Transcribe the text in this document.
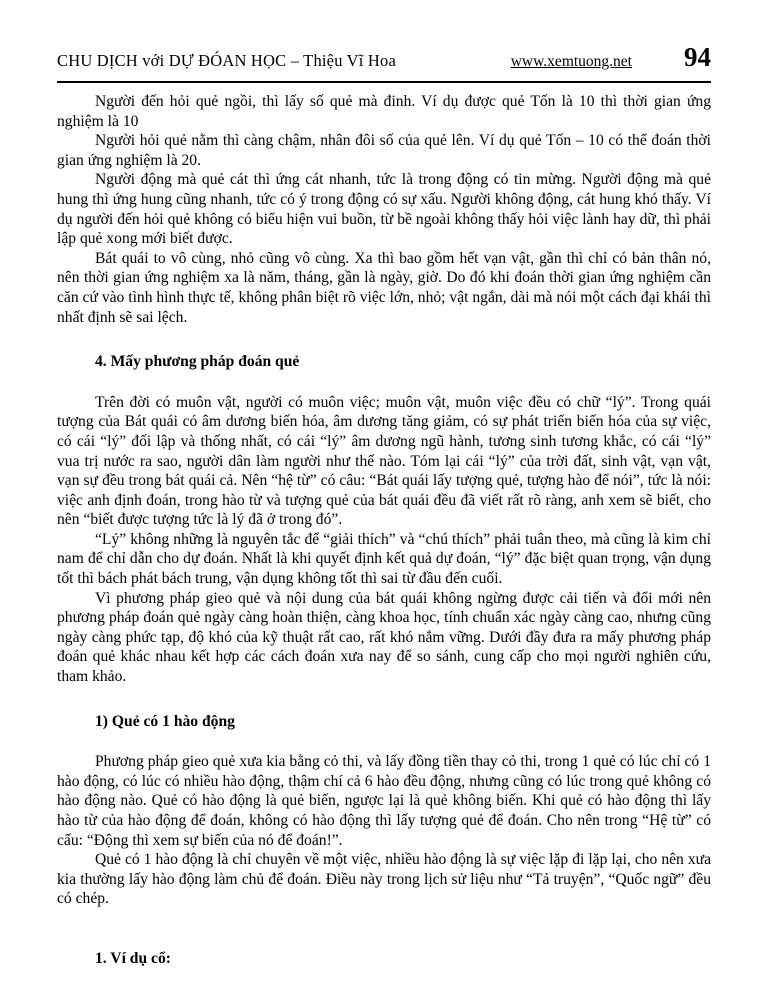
CHU DỊCH với DỰ ĐÓAN HỌC – Thiệu Vĩ Hoa	www.xemtuong.net 94

Người đến hỏi quẻ ngồi, thì lấy số quẻ mà đinh. Ví dụ được quẻ Tốn là 10 thì thời gian ứng nghiệm là 10

Người hỏi quẻ nằm thì càng chậm, nhân đôi số của quẻ lên. Ví dụ quẻ Tốn – 10 có thể đoán thời gian ứng nghiệm là 20.

Người động mà quẻ cát thì ứng cát nhanh, tức là trong động có tin mừng. Người động mà quẻ hung thì ứng hung cũng nhanh, tức có ý trong động có sự xấu. Người không động, cát hung khó thấy. Ví dụ người đến hỏi quẻ không có biểu hiện vui buồn, từ bề ngoài không thấy hỏi việc lành hay dữ, thì phải lập quẻ xong mới biết được.

Bát quái to vô cùng, nhỏ cũng vô cùng. Xa thì bao gồm hết vạn vật, gần thì chỉ có bản thân nó, nên thời gian ứng nghiệm xa là năm, tháng, gần là ngày, giờ. Do đó khi đoán thời gian ứng nghiệm cần căn cứ vào tình hình thực tế, không phân biệt rõ việc lớn, nhỏ; vật ngắn, dài mà nói một cách đại khái thì nhất định sẽ sai lệch.

4. Mấy phương pháp đoán quẻ

Trên đời có muôn vật, người có muôn việc; muôn vật, muôn việc đều có chữ “lý”. Trong quái tượng của Bát quái có âm dương biến hóa, âm dương tăng giảm, có sự phát triển biến hóa của sự việc, có cái “lý” đối lập và thống nhất, có cái “lý” âm dương ngũ hành, tương sinh tương khắc, có cái “lý” vua trị nước ra sao, người dân làm người như thế nào. Tóm lại cái “lý” của trời đất, sinh vật, vạn vật, vạn sự đều trong bát quái cả. Nên “hệ từ” có câu: “Bát quái lấy tượng quẻ, tượng hào để nói”, tức là nói: việc anh định đoán, trong hào từ và tượng quẻ của bát quái đều đã viết rất rõ ràng, anh xem sẽ biết, cho nên “biết được tượng tức là lý đã ở trong đó”.

“Lý” không những là nguyên tắc để “giải thích” và “chú thích” phải tuân theo, mà cũng là kim chỉ nam để chỉ dẫn cho dự đoán. Nhất là khi quyết định kết quả dự đoán, “lý” đặc biệt quan trọng, vận dụng tốt thì bách phát bách trung, vận dụng không tốt thì sai từ đầu đến cuối.

Vì phương pháp gieo quẻ và nội dung của bát quái không ngừng được cải tiến và đổi mới nên phương pháp đoán quẻ ngày càng hoàn thiện, càng khoa học, tính chuẩn xác ngày càng cao, nhưng cũng ngày càng phức tạp, độ khó của kỹ thuật rất cao, rất khó nắm vững. Dưới đầy đưa ra mấy phương pháp đoán quẻ khác nhau kết hợp các cách đoán xưa nay để so sánh, cung cấp cho mọi người nghiên cứu, tham khảo.

1) Quẻ có 1 hào động

Phương pháp gieo quẻ xưa kia bằng cỏ thi, và lấy đồng tiền thay cỏ thi, trong 1 quẻ có lúc chỉ có 1 hào động, có lúc có nhiều hào động, thậm chí cả 6 hào đều động, nhưng cũng có lúc trong quẻ không có hào động nào. Quẻ có hào động là quẻ biến, ngược lại là quẻ không biến. Khi quẻ có hào động thì lấy hào từ của hào động để đoán, không có hào động thì lấy tượng quẻ để đoán. Cho nên trong “Hệ từ” có cấu: “Động thì xem sự biến của nó để đoán!”.

Quẻ có 1 hào động là chỉ chuyên về một việc, nhiều hào động là sự việc lặp đi lặp lại, cho nên xưa kia thường lấy hào động làm chủ để đoán. Điều này trong lịch sử liệu như “Tả truyện”, “Quốc ngữ” đều có chép.

1. Ví dụ cổ:
